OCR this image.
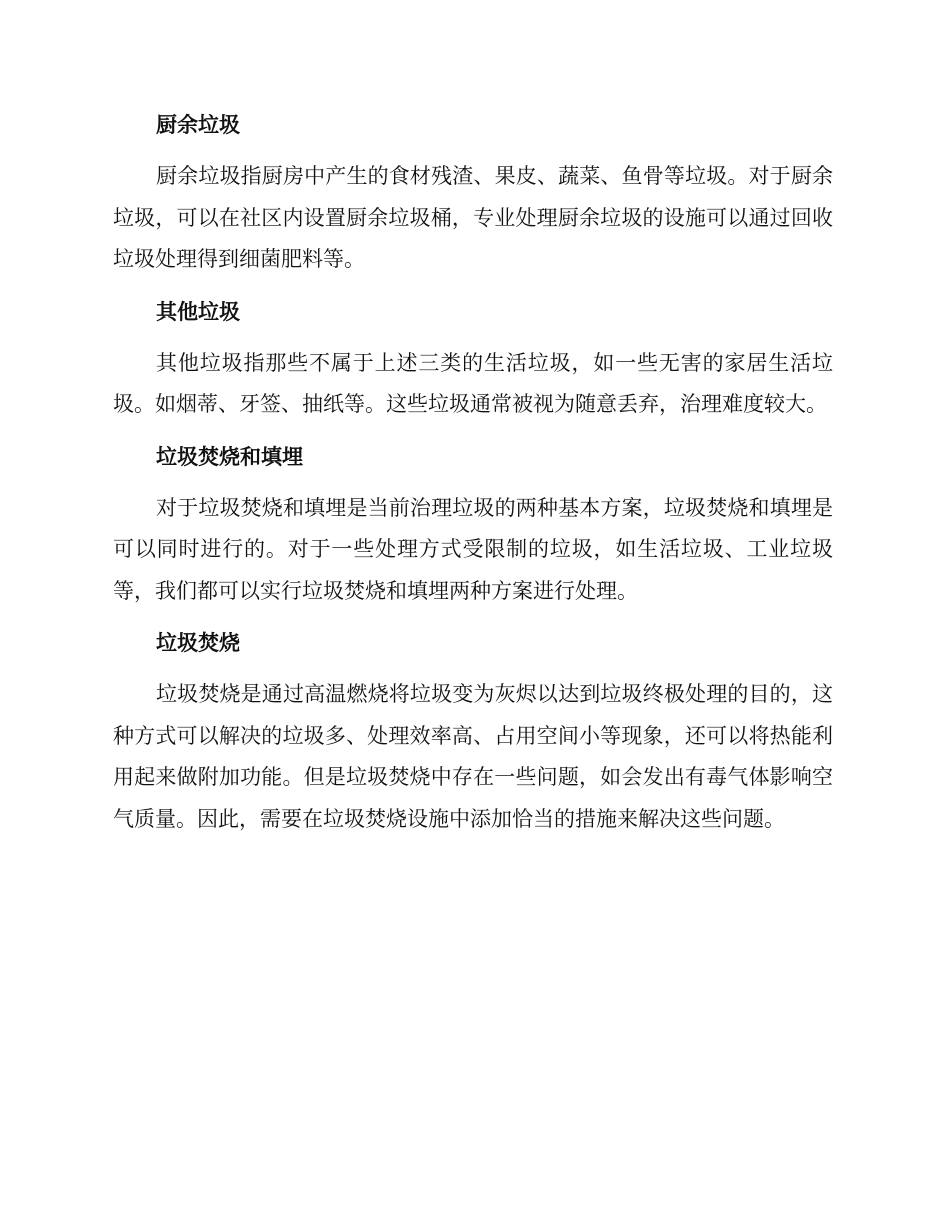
厨余垃圾

厨余垃圾指厨房中产生的食材残渣、果皮、蔬菜、鱼骨等垃圾。对于厨余垃圾，可以在社区内设置厨余垃圾桶，专业处理厨余垃圾的设施可以通过回收垃圾处理得到细菌肥料等。

其他垃圾

其他垃圾指那些不属于上述三类的生活垃圾，如一些无害的家居生活垃圾。如烟蒂、牙签、抽纸等。这些垃圾通常被视为随意丢弃，治理难度较大。

垃圾焚烧和填埋

对于垃圾焚烧和填埋是当前治理垃圾的两种基本方案，垃圾焚烧和填埋是可以同时进行的。对于一些处理方式受限制的垃圾，如生活垃圾、工业垃圾等，我们都可以实行垃圾焚烧和填埋两种方案进行处理。

垃圾焚烧

垃圾焚烧是通过高温燃烧将垃圾变为灰烬以达到垃圾终极处理的目的，这种方式可以解决的垃圾多、处理效率高、占用空间小等现象，还可以将热能利用起来做附加功能。但是垃圾焚烧中存在一些问题，如会发出有毒气体影响空气质量。因此，需要在垃圾焚烧设施中添加恰当的措施来解决这些问题。
